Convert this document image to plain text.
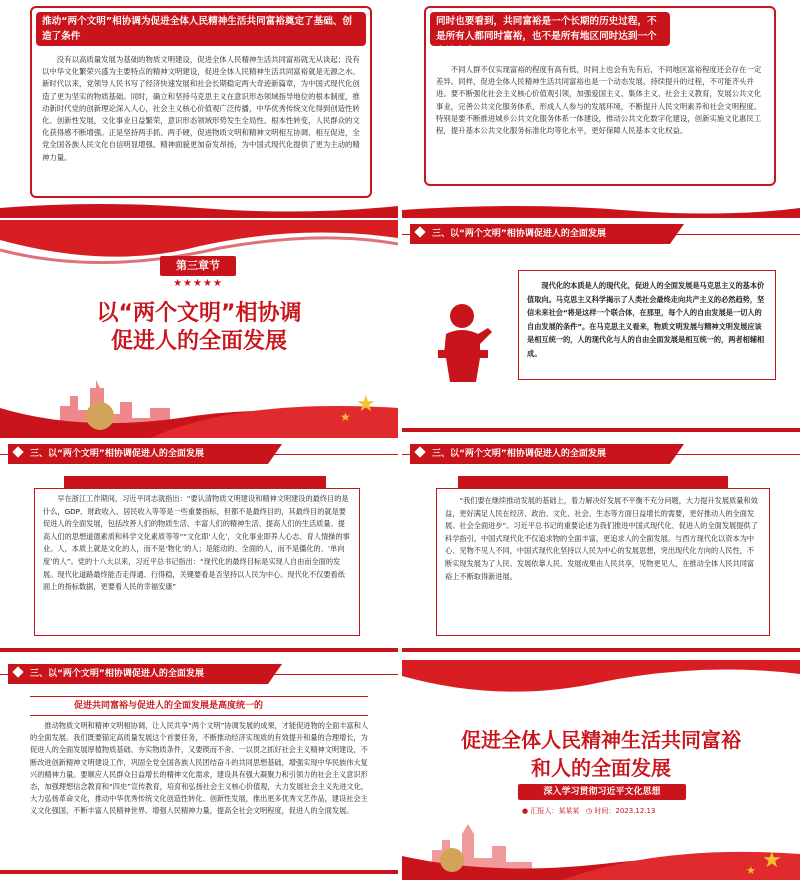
推动“两个文明”相协调为促进全体人民精神生活共同富裕奠定了基础、创造了条件

没有以高质量发展为基础的物质文明建设，促进全体人民精神生活共同富裕就无从谈起；没有以中华文化繁荣兴盛为主要特点的精神文明建设，促进全体人民精神生活共同富裕就是无源之水。新时代以来，党领导人民书写了经济快速发展和社会长期稳定两大奇迹新篇章，为中国式现代化创造了更为坚实的物质基础。同时，确立和坚持马克思主义在意识形态领域指导地位的根本制度，推动新时代党的创新理论深入人心，社会主义核心价值观广泛传播，中华优秀传统文化得到创造性转化、创新性发展，文化事业日益繁荣，意识形态领域形势发生全局性、根本性转变，人民群众的文化获得感不断增强。正是坚持两手抓、两手硬，促进物质文明和精神文明相互协调、相互促进，全党全国各族人民文化自信明显增强、精神面貌更加奋发昂扬，为中国式现代化提供了更为主动的精神力量。

同时也要看到，共同富裕是一个长期的历史过程，不是所有人都同时富裕，也不是所有地区同时达到一个富裕水准

不同人群不仅实现富裕的程度有高有低，时间上也会有先有后，不同地区富裕程度还会存在一定差异。同样，促进全体人民精神生活共同富裕也是一个动态发展、持续提升的过程，不可能齐头并进。要不断强化社会主义核心价值观引领，加强爱国主义、集体主义、社会主义教育，发展公共文化事业，完善公共文化服务体系，形成人人参与的发展环境，不断提升人民文明素养和社会文明程度。特别是要不断推进城乡公共文化服务体系一体建设，推动公共文化数字化建设，创新实施文化惠民工程，提升基本公共文化服务标准化均等化水平，更好保障人民基本文化权益。

第三章节
★★★★★
以“两个文明”相协调
促进人的全面发展
★
★
三、以“两个文明”相协调促进人的全面发展

现代化的本质是人的现代化，促进人的全面发展是马克思主义的基本价值取向。马克思主义科学揭示了人类社会最终走向共产主义的必然趋势，坚信未来社会“将是这样一个联合体，在那里，每个人的自由发展是一切人的自由发展的条件”。在马克思主义看来，物质文明发展与精神文明发展应该是相互统一的，人的现代化与人的自由全面发展是相互统一的，两者相辅相成。

三、以“两个文明”相协调促进人的全面发展

早在浙江工作期间，习近平同志就指出：“要认清物质文明建设和精神文明建设的最终目的是什么，GDP、财政收入、居民收入等等是一些重要指标，但都不是最终目的，其最终目的就是要促进人的全面发展，包括改善人们的物质生活、丰富人们的精神生活、提高人们的生活质量、提高人们的思想道德素质和科学文化素质等等”“文化即‘人化’，文化事业即养人心志、育人情操的事业。人，本质上就是文化的人，而不是‘物化’的人；是能动的、全面的人，而不是僵化的、‘单向度’的人”。党的十八大以来，习近平总书记指出：“现代化的最终目标是实现人自由而全面的发展。现代化道路最终能否走得通、行得稳，关键要看是否坚持以人民为中心。现代化不仅要看纸面上的指标数据，更要看人民的幸福安康”

三、以“两个文明”相协调促进人的全面发展

“我们要在继续推动发展的基础上，着力解决好发展不平衡不充分问题，大力提升发展质量和效益，更好满足人民在经济、政治、文化、社会、生态等方面日益增长的需要，更好推动人的全面发展、社会全面进步”。习近平总书记的重要论述为我们推进中国式现代化、促进人的全面发展提供了科学指引。中国式现代化不仅追求物的全面丰富，更追求人的全面发展。与西方现代化以资本为中心、见物不见人不同，中国式现代化坚持以人民为中心的发展思想，突出现代化方向的人民性，不断实现发展为了人民、发展依靠人民、发展成果由人民共享，见物更见人，在推动全体人民共同富裕上不断取得新进展。

三、以“两个文明”相协调促进人的全面发展
促进共同富裕与促进人的全面发展是高度统一的

推动物质文明和精神文明相协调，让人民共享“两个文明”协调发展的成果，才能促进物的全面丰富和人的全面发展。我们既要锚定高质量发展这个首要任务，不断推动经济实现质的有效提升和量的合理增长，为促进人的全面发展厚植物质基础、夯实物质条件，又要锲而不舍、一以贯之抓好社会主义精神文明建设，不断改进创新精神文明建设工作，巩固全党全国各族人民团结奋斗的共同思想基础，增强实现中华民族伟大复兴的精神力量。要顺应人民群众日益增长的精神文化需求，建设具有强大凝聚力和引领力的社会主义意识形态，加强理想信念教育和“四史”宣传教育，培育和弘扬社会主义核心价值观，大力发展社会主义先进文化，大力弘扬革命文化，推动中华优秀传统文化创造性转化、创新性发展，推出更多优秀文艺作品，建设社会主义文化强国，不断丰富人民精神世界、增强人民精神力量，提高全社会文明程度，促进人的全面发展。

促进全体人民精神生活共同富裕
和人的全面发展
深入学习贯彻习近平文化思想
● 汇报人：某某某 ◷ 时间：2023.12.13
★
★
